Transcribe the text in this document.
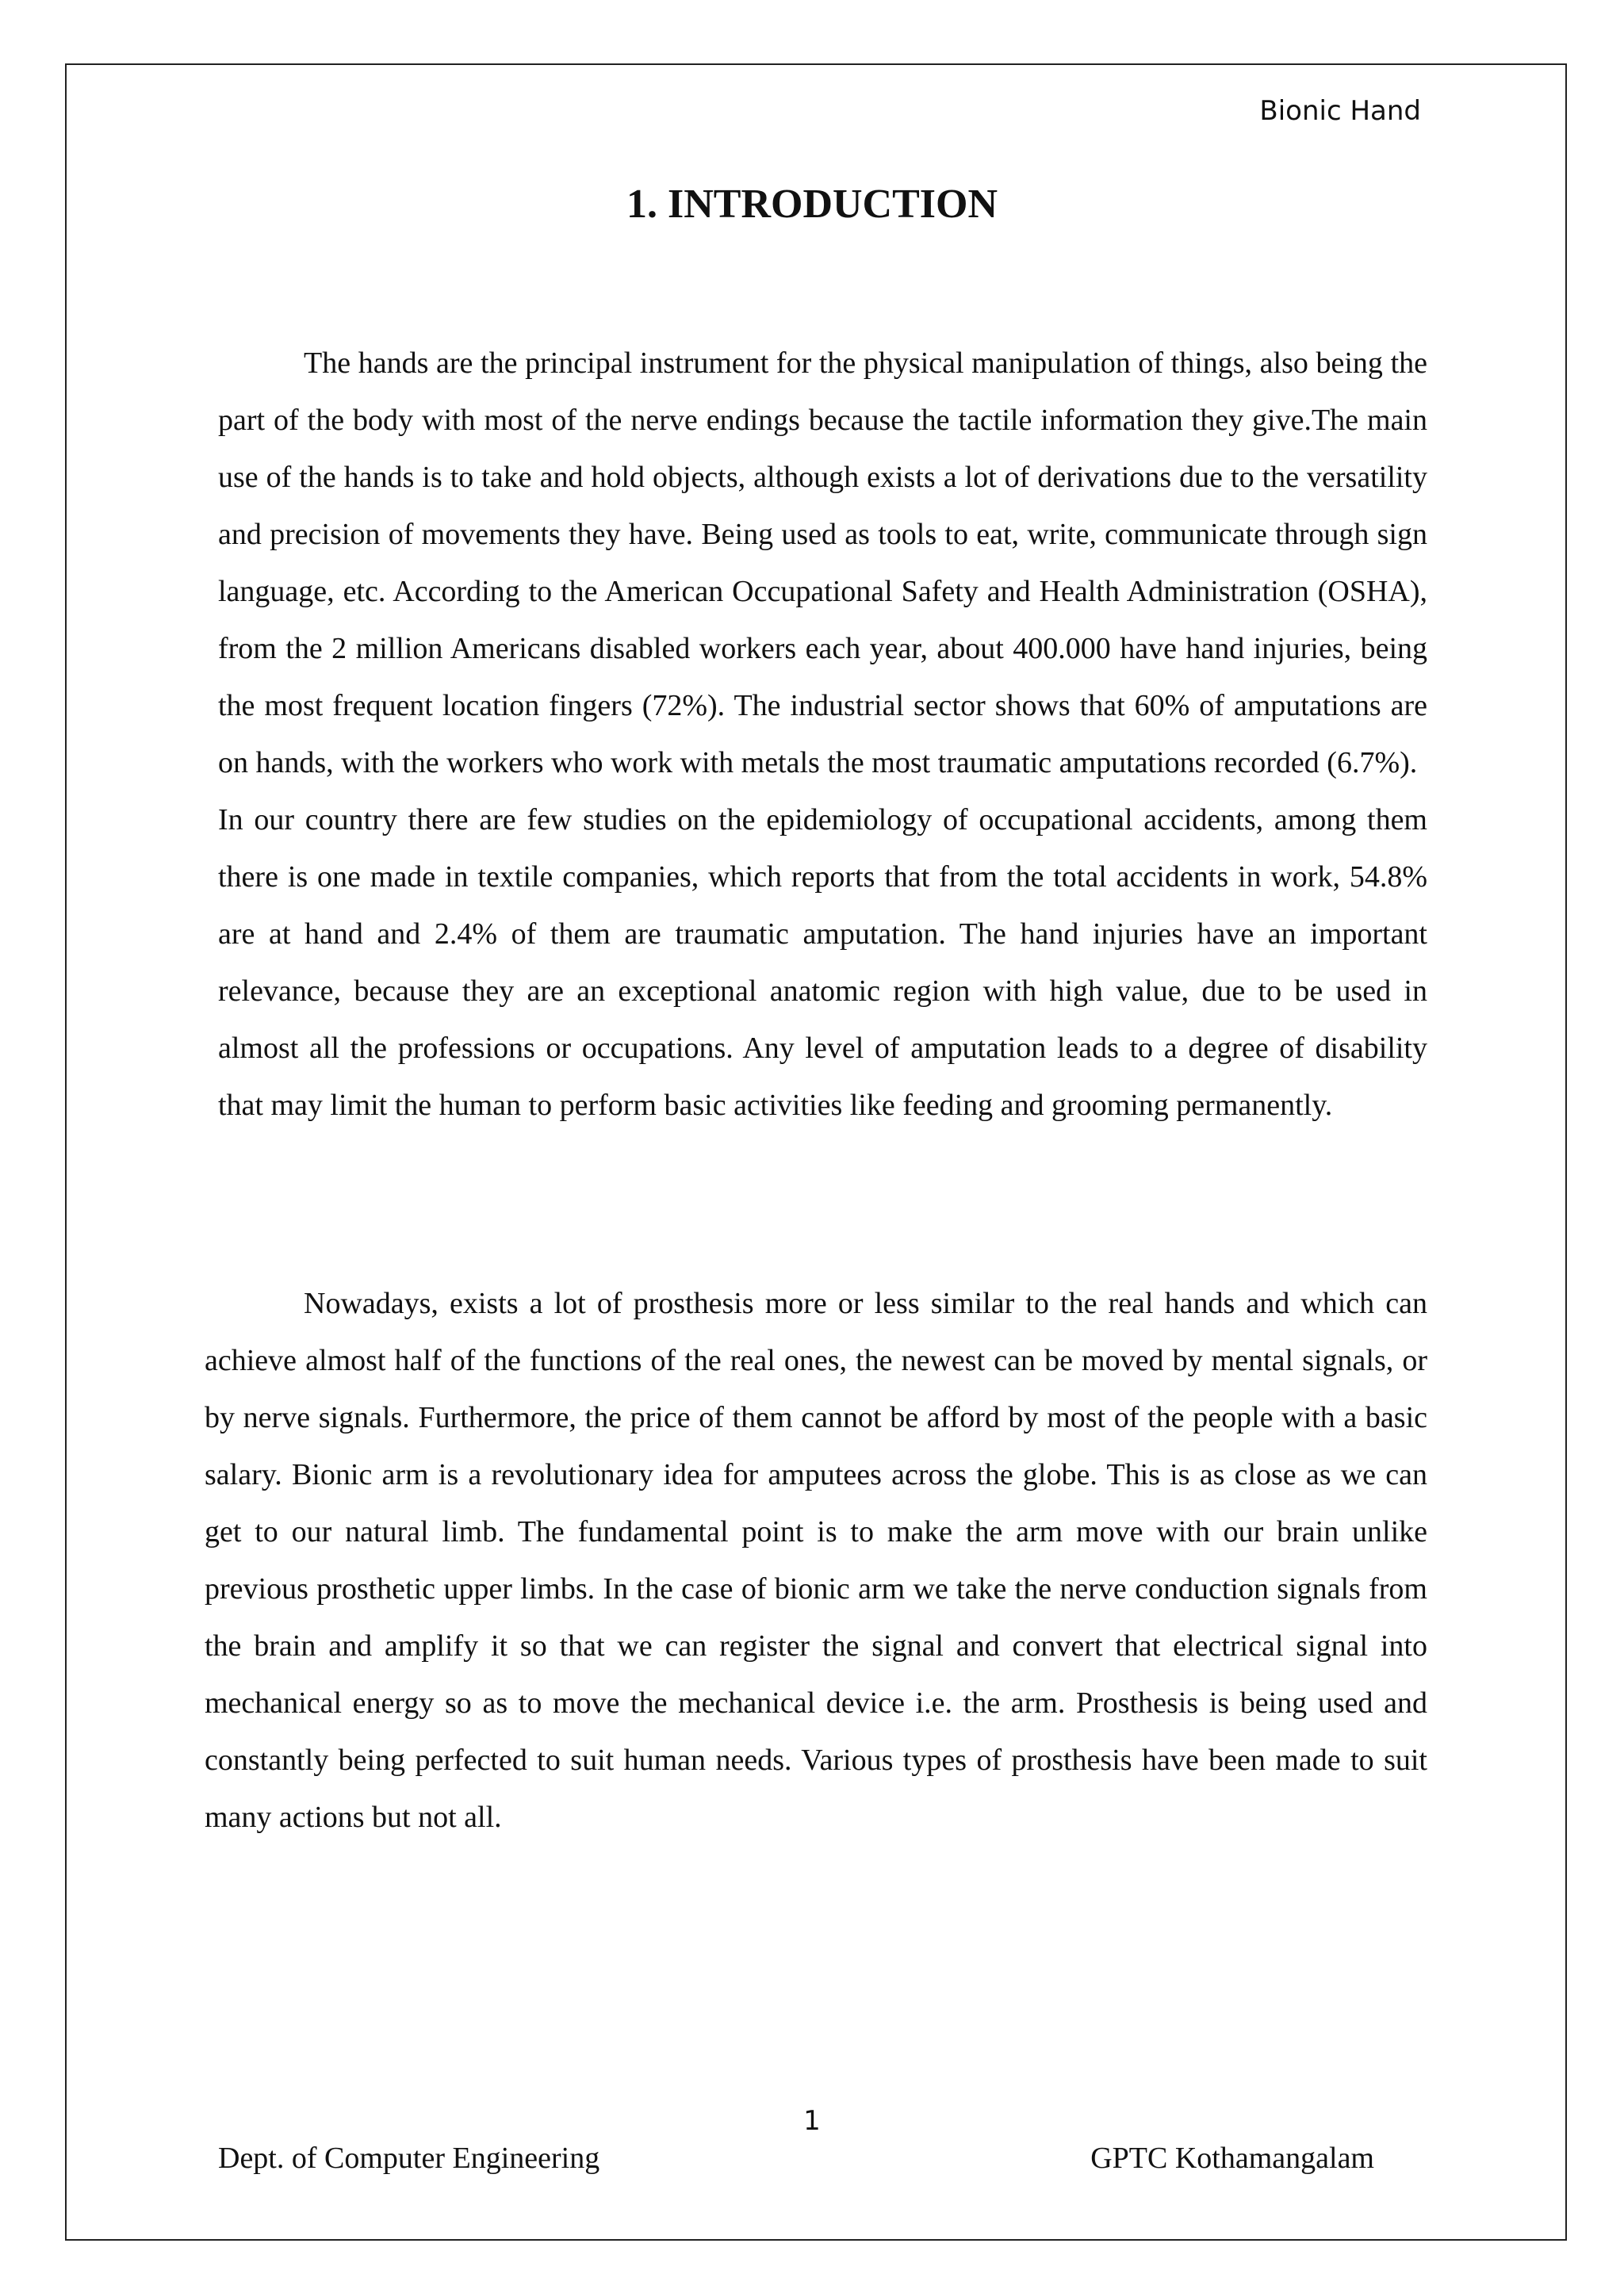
Bionic Hand
1. INTRODUCTION
The hands are the principal instrument for the physical manipulation of things, also being the part of the body with most of the nerve endings because the tactile information they give.The main use of the hands is to take and hold objects, although exists a lot of derivations due to the versatility and precision of movements they have. Being used as tools to eat, write, communicate through sign language, etc. According to the American Occupational Safety and Health Administration (OSHA), from the 2 million Americans disabled workers each year, about 400.000 have hand injuries, being the most frequent location fingers (72%). The industrial sector shows that 60% of amputations are on hands, with the workers who work with metals the most traumatic amputations recorded (6.7%).
In our country there are few studies on the epidemiology of occupational accidents, among them there is one made in textile companies, which reports that from the total accidents in work, 54.8% are at hand and 2.4% of them are traumatic amputation. The hand injuries have an important relevance, because they are an exceptional anatomic region with high value, due to be used in almost all the professions or occupations. Any level of amputation leads to a degree of disability that may limit the human to perform basic activities like feeding and grooming permanently.

Nowadays, exists a lot of prosthesis more or less similar to the real hands and which can achieve almost half of the functions of the real ones, the newest can be moved by mental signals, or by nerve signals. Furthermore, the price of them cannot be afford by most of the people with a basic salary. Bionic arm is a revolutionary idea for amputees across the globe. This is as close as we can get to our natural limb. The fundamental point is to make the arm move with our brain unlike previous prosthetic upper limbs. In the case of bionic arm we take the nerve conduction signals from the brain and amplify it so that we can register the signal and convert that electrical signal into mechanical energy so as to move the mechanical device i.e. the arm. Prosthesis is being used and constantly being perfected to suit human needs. Various types of prosthesis have been made to suit many actions but not all.

1
Dept. of Computer Engineering	GPTC Kothamangalam
